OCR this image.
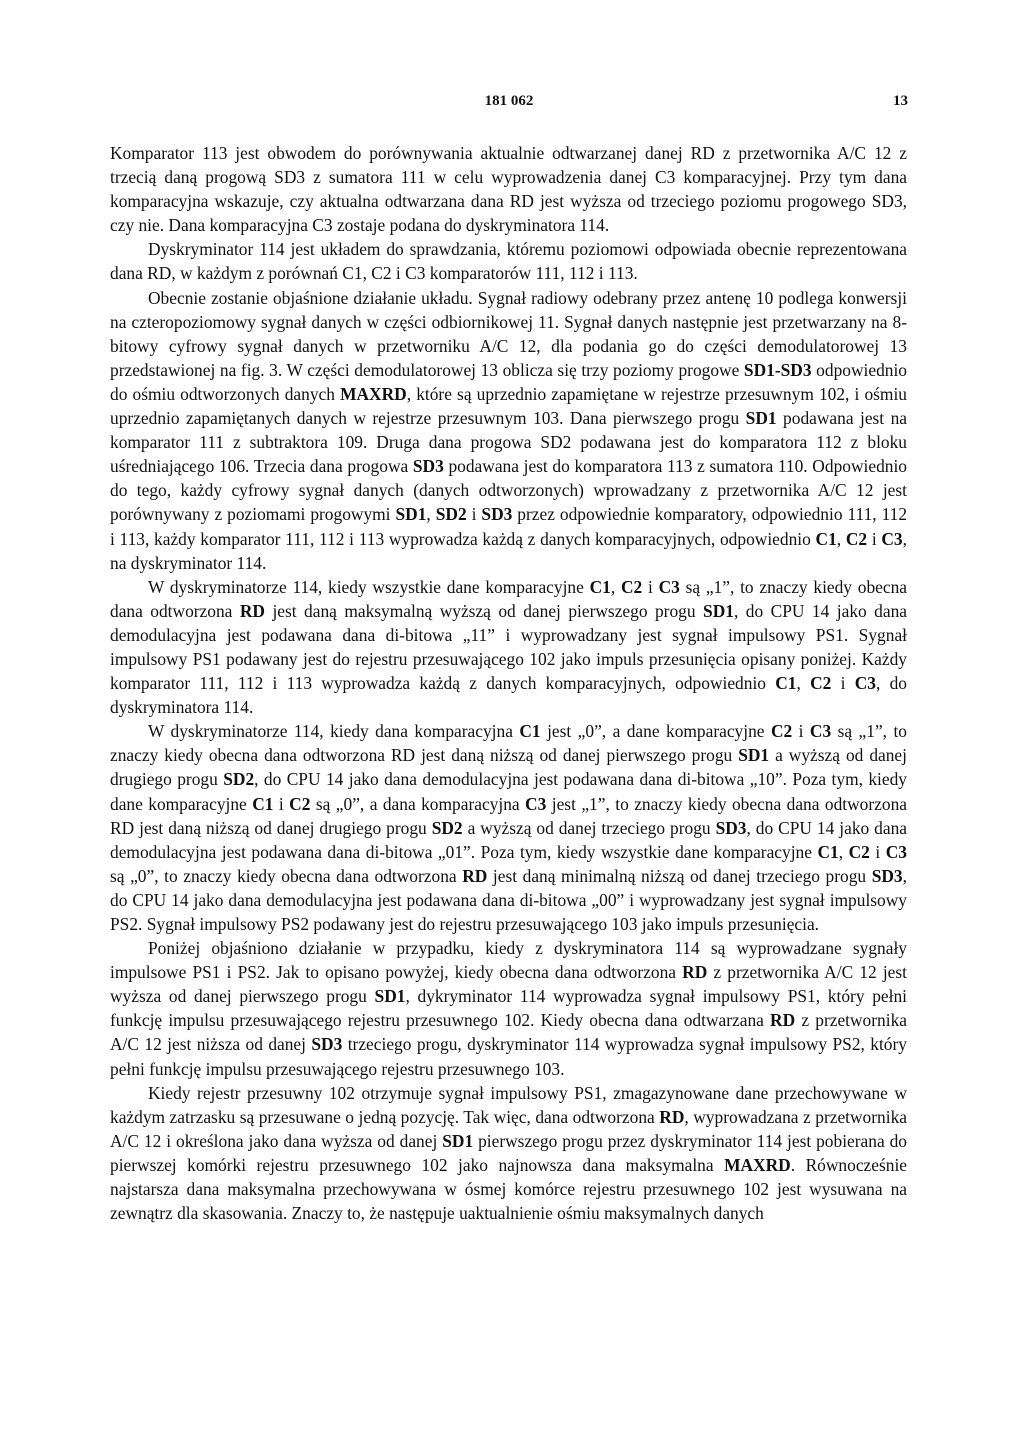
181 062	13

Komparator 113 jest obwodem do porównywania aktualnie odtwarzanej danej RD z przetwornika A/C 12 z trzecią daną progową SD3 z sumatora 111 w celu wyprowadzenia danej C3 komparacyjnej. Przy tym dana komparacyjna wskazuje, czy aktualna odtwarzana dana RD jest wyższa od trzeciego poziomu progowego SD3, czy nie. Dana komparacyjna C3 zostaje podana do dyskryminatora 114.

Dyskryminator 114 jest układem do sprawdzania, któremu poziomowi odpowiada obecnie reprezentowana dana RD, w każdym z porównań C1, C2 i C3 komparatorów 111, 112 i 113.

Obecnie zostanie objaśnione działanie układu. Sygnał radiowy odebrany przez antenę 10 podlega konwersji na czteropoziomowy sygnał danych w części odbiornikowej 11. Sygnał danych następnie jest przetwarzany na 8-bitowy cyfrowy sygnał danych w przetworniku A/C 12, dla podania go do części demodulatorowej 13 przedstawionej na fig. 3. W części demodulatorowej 13 oblicza się trzy poziomy progowe SD1-SD3 odpowiednio do ośmiu odtworzonych danych MAXRD, które są uprzednio zapamiętane w rejestrze przesuwnym 102, i ośmiu uprzednio zapamiętanych danych w rejestrze przesuwnym 103. Dana pierwszego progu SD1 podawana jest na komparator 111 z subtraktora 109. Druga dana progowa SD2 podawana jest do komparatora 112 z bloku uśredniającego 106. Trzecia dana progowa SD3 podawana jest do komparatora 113 z sumatora 110. Odpowiednio do tego, każdy cyfrowy sygnał danych (danych odtworzonych) wprowadzany z przetwornika A/C 12 jest porównywany z poziomami progowymi SD1, SD2 i SD3 przez odpowiednie komparatory, odpowiednio 111, 112 i 113, każdy komparator 111, 112 i 113 wyprowadza każdą z danych komparacyjnych, odpowiednio C1, C2 i C3, na dyskryminator 114.

W dyskryminatorze 114, kiedy wszystkie dane komparacyjne C1, C2 i C3 są „1”, to znaczy kiedy obecna dana odtworzona RD jest daną maksymalną wyższą od danej pierwszego progu SD1, do CPU 14 jako dana demodulacyjna jest podawana dana di-bitowa „11” i wyprowadzany jest sygnał impulsowy PS1. Sygnał impulsowy PS1 podawany jest do rejestru przesuwającego 102 jako impuls przesunięcia opisany poniżej. Każdy komparator 111, 112 i 113 wyprowadza każdą z danych komparacyjnych, odpowiednio C1, C2 i C3, do dyskryminatora 114.

W dyskryminatorze 114, kiedy dana komparacyjna C1 jest „0”, a dane komparacyjne C2 i C3 są „1”, to znaczy kiedy obecna dana odtworzona RD jest daną niższą od danej pierwszego progu SD1 a wyższą od danej drugiego progu SD2, do CPU 14 jako dana demodulacyjna jest podawana dana di-bitowa „10”. Poza tym, kiedy dane komparacyjne C1 i C2 są „0”, a dana komparacyjna C3 jest „1”, to znaczy kiedy obecna dana odtworzona RD jest daną niższą od danej drugiego progu SD2 a wyższą od danej trzeciego progu SD3, do CPU 14 jako dana demodulacyjna jest podawana dana di-bitowa „01”. Poza tym, kiedy wszystkie dane komparacyjne C1, C2 i C3 są „0”, to znaczy kiedy obecna dana odtworzona RD jest daną minimalną niższą od danej trzeciego progu SD3, do CPU 14 jako dana demodulacyjna jest podawana dana di-bitowa „00” i wyprowadzany jest sygnał impulsowy PS2. Sygnał impulsowy PS2 podawany jest do rejestru przesuwającego 103 jako impuls przesunięcia.

Poniżej objaśniono działanie w przypadku, kiedy z dyskryminatora 114 są wyprowadzane sygnały impulsowe PS1 i PS2. Jak to opisano powyżej, kiedy obecna dana odtworzona RD z przetwornika A/C 12 jest wyższa od danej pierwszego progu SD1, dykryminator 114 wyprowadza sygnał impulsowy PS1, który pełni funkcję impulsu przesuwającego rejestru przesuwnego 102. Kiedy obecna dana odtwarzana RD z przetwornika A/C 12 jest niższa od danej SD3 trzeciego progu, dyskryminator 114 wyprowadza sygnał impulsowy PS2, który pełni funkcję impulsu przesuwającego rejestru przesuwnego 103.

Kiedy rejestr przesuwny 102 otrzymuje sygnał impulsowy PS1, zmagazynowane dane przechowywane w każdym zatrzasku są przesuwane o jedną pozycję. Tak więc, dana odtworzona RD, wyprowadzana z przetwornika A/C 12 i określona jako dana wyższa od danej SD1 pierwszego progu przez dyskryminator 114 jest pobierana do pierwszej komórki rejestru przesuwnego 102 jako najnowsza dana maksymalna MAXRD. Równocześnie najstarsza dana maksymalna przechowywana w ósmej komórce rejestru przesuwnego 102 jest wysuwana na zewnątrz dla skasowania. Znaczy to, że następuje uaktualnienie ośmiu maksymalnych danych
